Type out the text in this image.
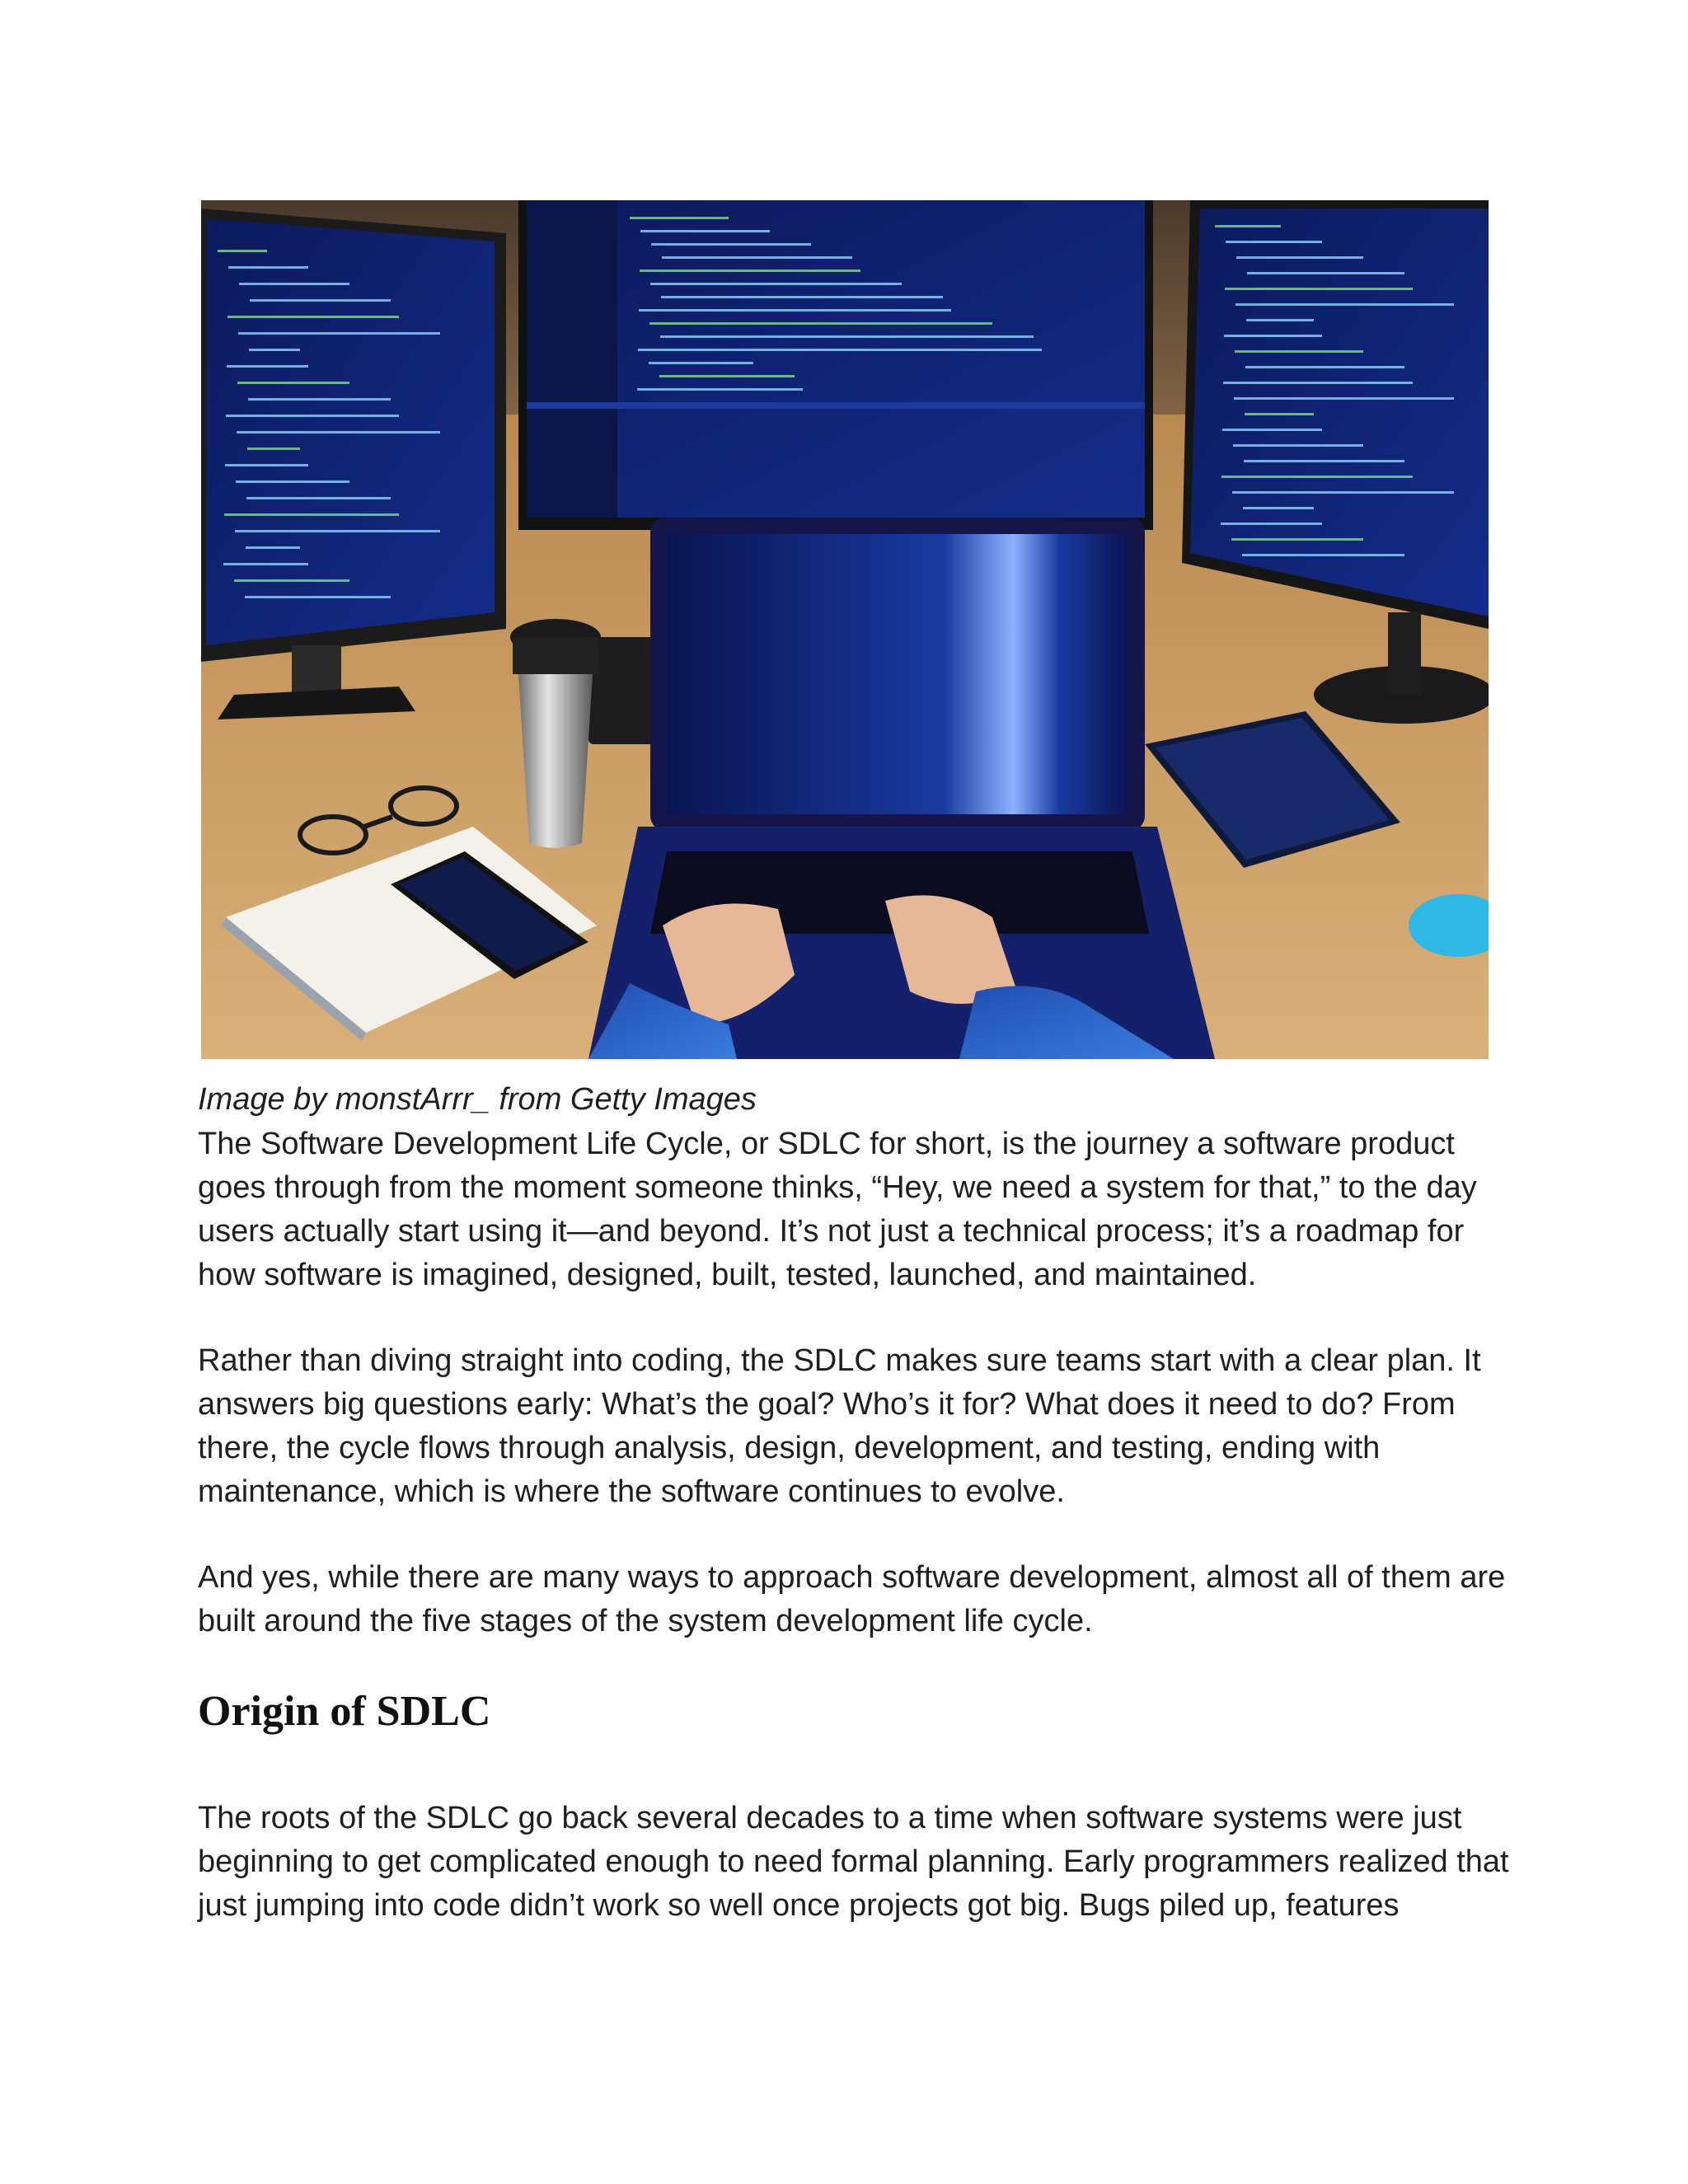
Image by monstArrr_ from Getty Images

The Software Development Life Cycle, or SDLC for short, is the journey a software product goes through from the moment someone thinks, “Hey, we need a system for that,” to the day users actually start using it—and beyond. It’s not just a technical process; it’s a roadmap for how software is imagined, designed, built, tested, launched, and maintained.

Rather than diving straight into coding, the SDLC makes sure teams start with a clear plan. It answers big questions early: What’s the goal? Who’s it for? What does it need to do? From there, the cycle flows through analysis, design, development, and testing, ending with maintenance, which is where the software continues to evolve.

And yes, while there are many ways to approach software development, almost all of them are built around the five stages of the system development life cycle.

Origin of SDLC

The roots of the SDLC go back several decades to a time when software systems were just beginning to get complicated enough to need formal planning. Early programmers realized that just jumping into code didn’t work so well once projects got big. Bugs piled up, features
